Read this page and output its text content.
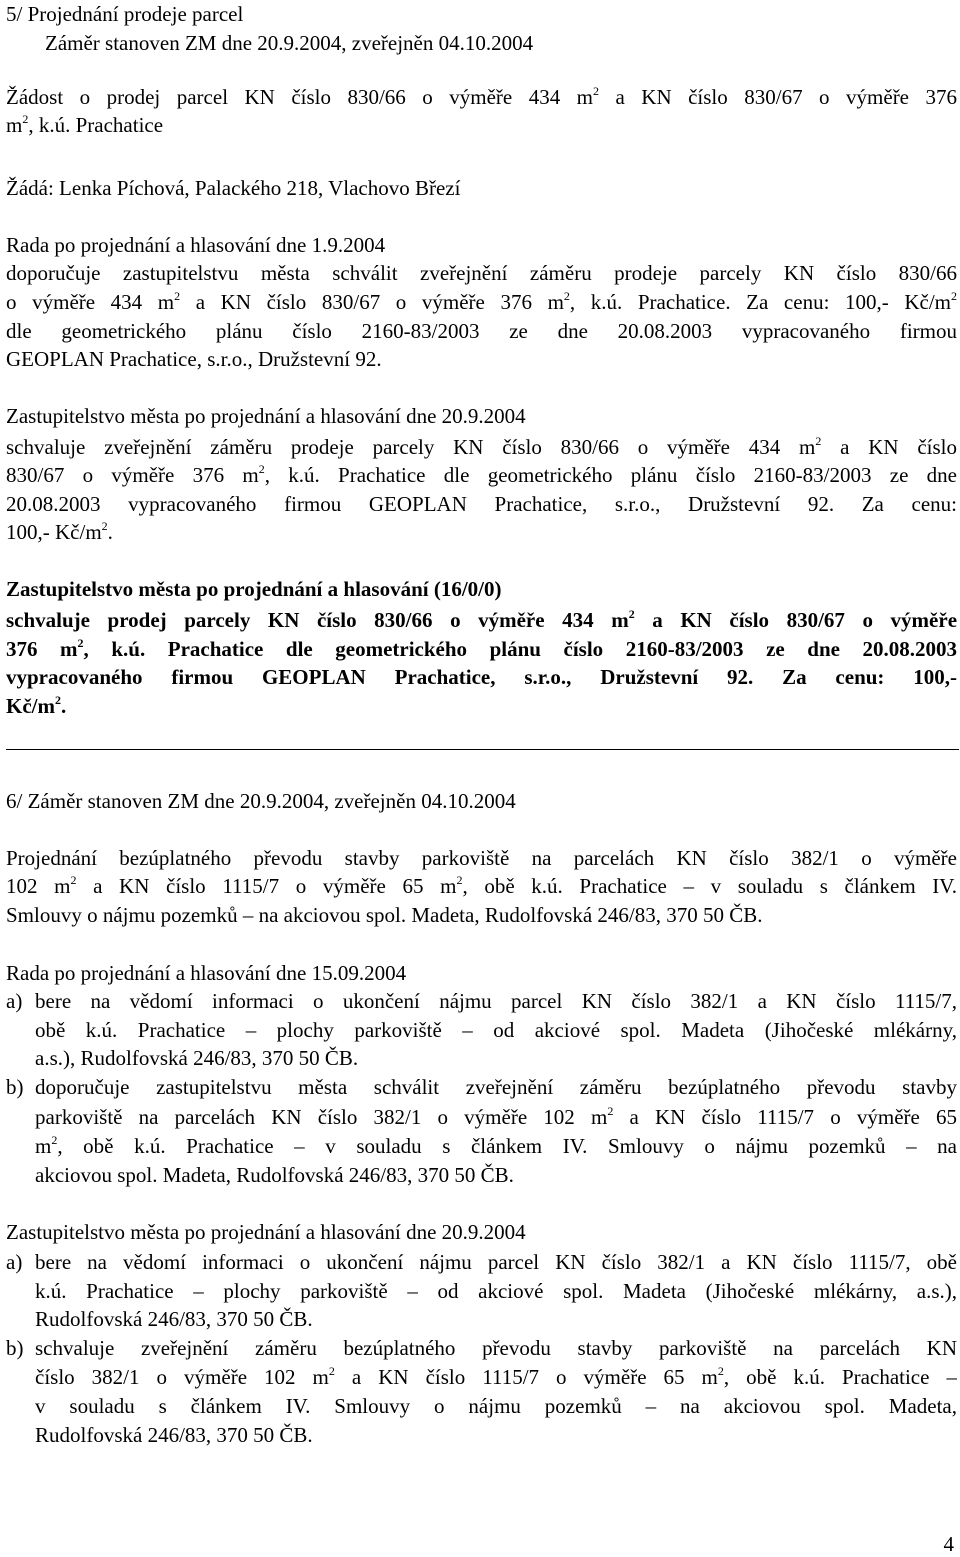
5/ Projednání prodeje parcel
Záměr stanoven ZM dne 20.9.2004, zveřejněn 04.10.2004
Žádost o prodej parcel KN číslo 830/66 o výměře 434 $m^2$ a KN číslo 830/67 o výměře 376
$m^2$, k.ú. Prachatice
Žádá: Lenka Píchová, Palackého 218, Vlachovo Březí
Rada po projednání a hlasování dne 1.9.2004
doporučuje zastupitelstvu města schválit zveřejnění záměru prodeje parcely KN číslo 830/66
o výměře 434 $m^2$ a KN číslo 830/67 o výměře 376 $m^2$, k.ú. Prachatice. Za cenu: 100,- $Kč/m^2$
dle geometrického plánu číslo 2160-83/2003 ze dne 20.08.2003 vypracovaného firmou
GEOPLAN Prachatice, s.r.o., Družstevní 92.
Zastupitelstvo města po projednání a hlasování dne 20.9.2004
schvaluje zveřejnění záměru prodeje parcely KN číslo 830/66 o výměře 434 $m^2$ a KN číslo
830/67 o výměře 376 $m^2$, k.ú. Prachatice dle geometrického plánu číslo 2160-83/2003 ze dne
20.08.2003 vypracovaného firmou GEOPLAN Prachatice, s.r.o., Družstevní 92. Za cenu:
100,- $Kč/m^2$.
Zastupitelstvo města po projednání a hlasování (16/0/0)
schvaluje prodej parcely KN číslo 830/66 o výměře 434 $m^2$ a KN číslo 830/67 o výměře
376 $m^2$, k.ú. Prachatice dle geometrického plánu číslo 2160-83/2003 ze dne 20.08.2003
vypracovaného firmou GEOPLAN Prachatice, s.r.o., Družstevní 92. Za cenu: 100,-
$Kč/m^2$.
6/ Záměr stanoven ZM dne 20.9.2004, zveřejněn 04.10.2004
Projednání bezúplatného převodu stavby parkoviště na parcelách KN číslo 382/1 o výměře
102 $m^2$ a KN číslo 1115/7 o výměře 65 $m^2$, obě k.ú. Prachatice – v souladu s článkem IV.
Smlouvy o nájmu pozemků – na akciovou spol. Madeta, Rudolfovská 246/83, 370 50 ČB.
Rada po projednání a hlasování dne 15.09.2004
a) bere na vědomí informaci o ukončení nájmu parcel KN číslo 382/1 a KN číslo 1115/7,
obě k.ú. Prachatice – plochy parkoviště – od akciové spol. Madeta (Jihočeské mlékárny,
a.s.), Rudolfovská 246/83, 370 50 ČB.
b) doporučuje zastupitelstvu města schválit zveřejnění záměru bezúplatného převodu stavby
parkoviště na parcelách KN číslo 382/1 o výměře 102 $m^2$ a KN číslo 1115/7 o výměře 65
$m^2$, obě k.ú. Prachatice – v souladu s článkem IV. Smlouvy o nájmu pozemků – na
akciovou spol. Madeta, Rudolfovská 246/83, 370 50 ČB.
Zastupitelstvo města po projednání a hlasování dne 20.9.2004
a) bere na vědomí informaci o ukončení nájmu parcel KN číslo 382/1 a KN číslo 1115/7, obě
k.ú. Prachatice – plochy parkoviště – od akciové spol. Madeta (Jihočeské mlékárny, a.s.),
Rudolfovská 246/83, 370 50 ČB.
b) schvaluje zveřejnění záměru bezúplatného převodu stavby parkoviště na parcelách KN
číslo 382/1 o výměře 102 $m^2$ a KN číslo 1115/7 o výměře 65 $m^2$, obě k.ú. Prachatice –
v souladu s článkem IV. Smlouvy o nájmu pozemků – na akciovou spol. Madeta,
Rudolfovská 246/83, 370 50 ČB.
4
